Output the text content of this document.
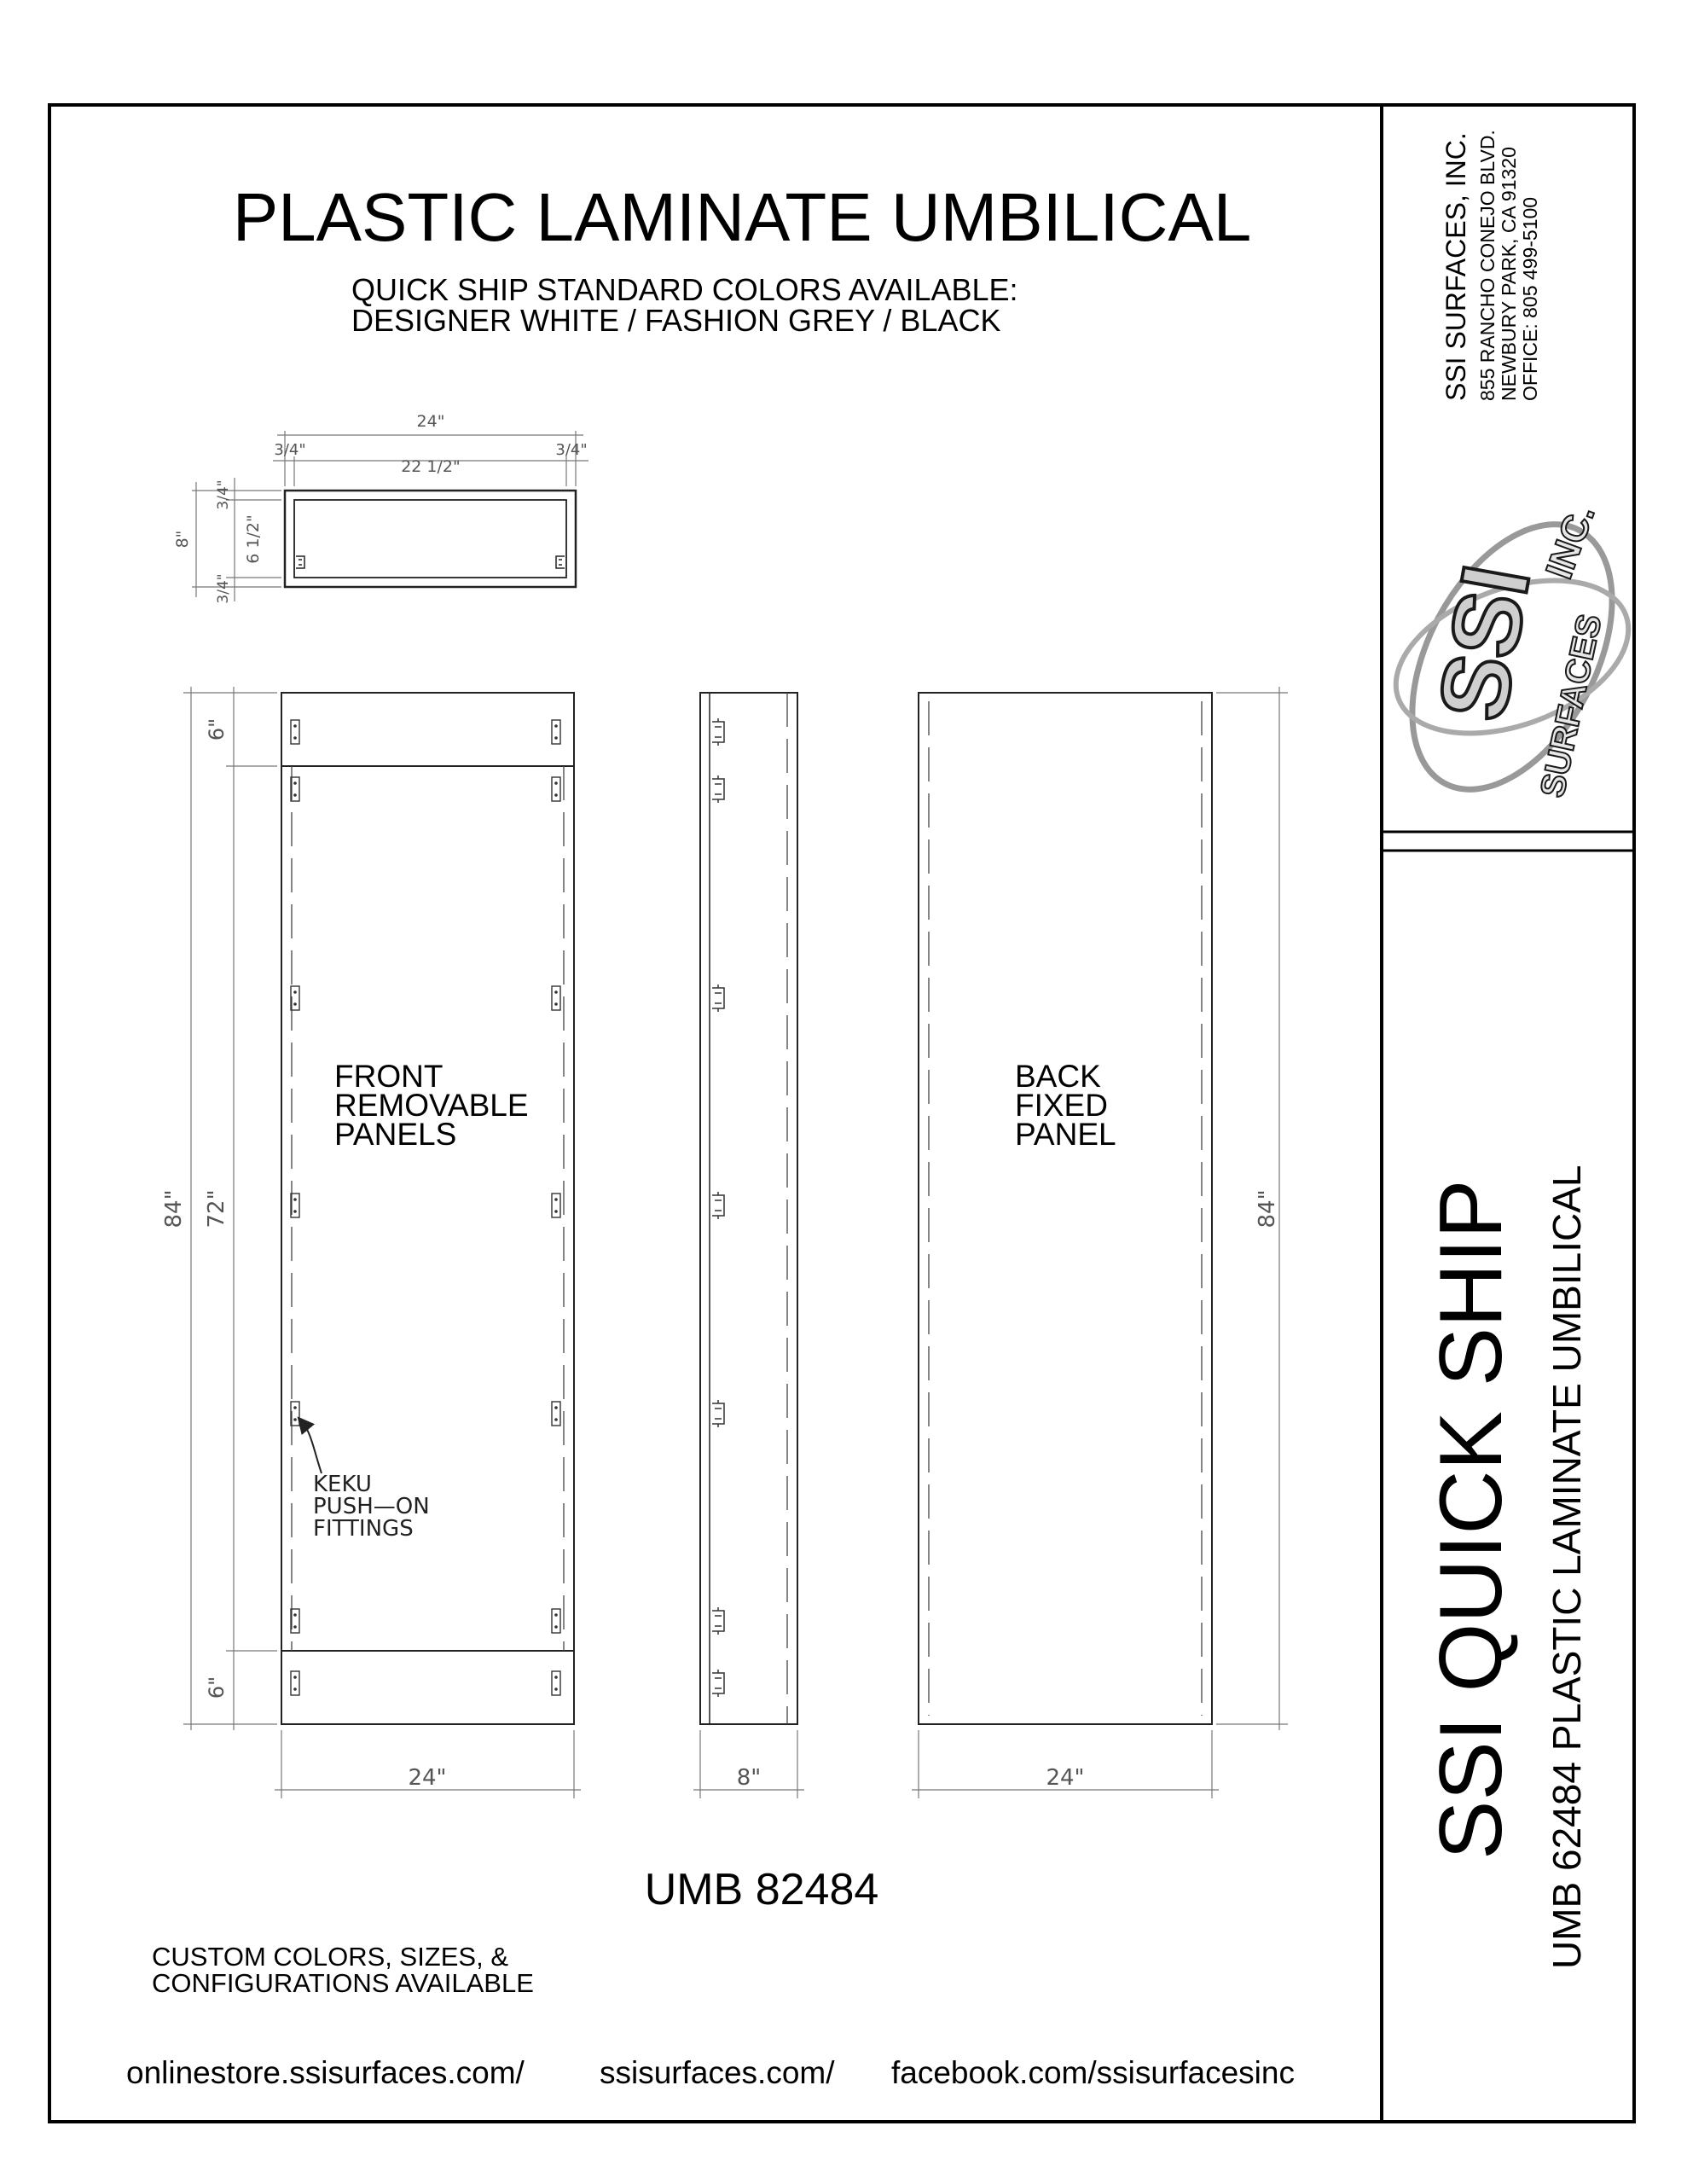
PLASTIC LAMINATE UMBILICAL
QUICK SHIP STANDARD COLORS AVAILABLE:
DESIGNER WHITE / FASHION GREY / BLACK
24"
3/4"
22 1/2"
3/4"
8"
3/4"
6 1/2"
3/4"
FRONT
REMOVABLE
PANELS
KEKU
PUSH—ON
FITTINGS
84" 72"
6"
6"
24"	8"
BACK
FIXED
PANEL
84"
24"
UMB 82484
CUSTOM COLORS, SIZES, &
CONFIGURATIONS AVAILABLE
onlinestore.ssisurfaces.com/ ssisurfaces.com/ facebook.com/ssisurfacesinc
SSI SURFACES, INC. 855 RANCHO CONEJO BLVD. NEWBURY PARK, CA 91320 OFFICE: 805 499-5100
SSI
INC.
SURFACES
SSI QUICK SHIP UMB 62484 PLASTIC LAMINATE UMBILICAL
